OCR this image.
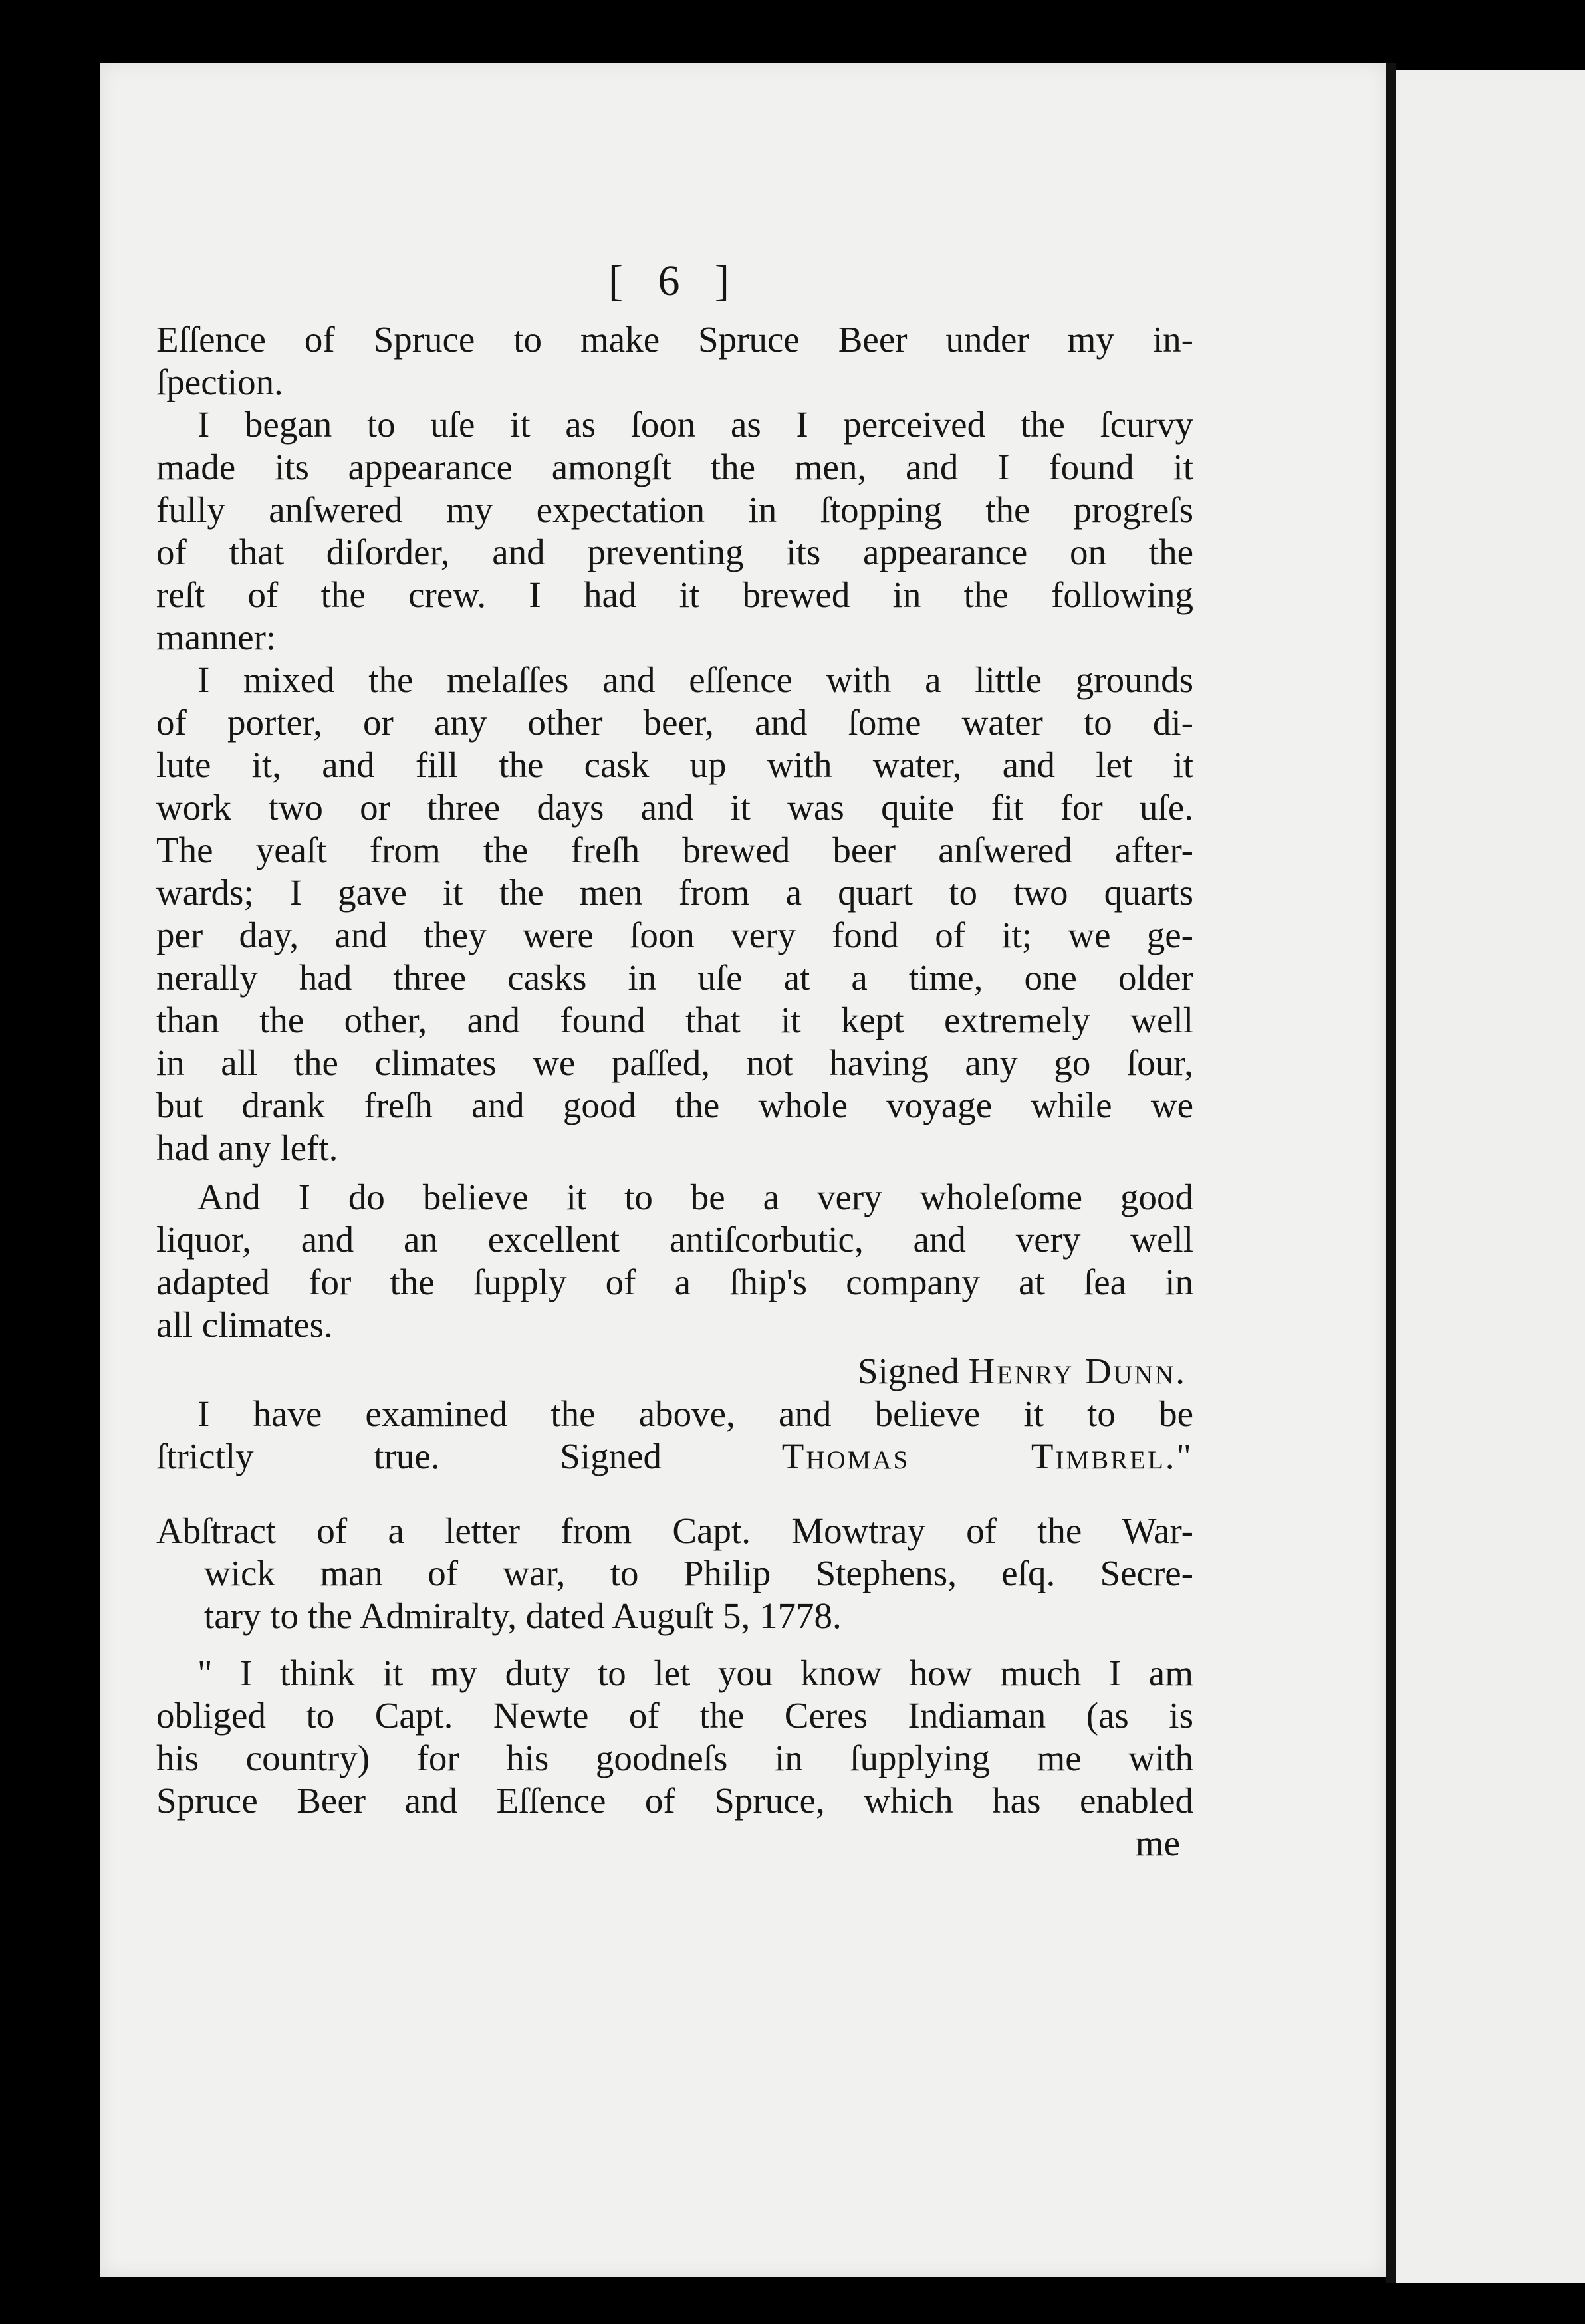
[ 6 ]

Eſſence of Spruce to make Spruce Beer under my in-
ſpection.

I began to uſe it as ſoon as I perceived the ſcurvy
made its appearance amongſt the men, and I found it
fully anſwered my expectation in ſtopping the progreſs
of that diſorder, and preventing its appearance on the
reſt of the crew. I had it brewed in the following
manner:

I mixed the melaſſes and eſſence with a little grounds
of porter, or any other beer, and ſome water to di-
lute it, and fill the cask up with water, and let it
work two or three days and it was quite fit for uſe.
The yeaſt from the freſh brewed beer anſwered after-
wards; I gave it the men from a quart to two quarts
per day, and they were ſoon very fond of it; we ge-
nerally had three casks in uſe at a time, one older
than the other, and found that it kept extremely well
in all the climates we paſſed, not having any go ſour,
but drank freſh and good the whole voyage while we
had any left.

And I do believe it to be a very wholeſome good
liquor, and an excellent antiſcorbutic, and very well
adapted for the ſupply of a ſhip's company at ſea in
all climates.

Signed Henry Dunn.

I have examined the above, and believe it to be
ſtrictly true.	Signed	Thomas Timbrel."

Abſtract of a letter from Capt. Mowtray of the War-
wick man of war, to Philip Stephens, eſq. Secre-
tary to the Admiralty, dated Auguſt 5, 1778.

" I think it my duty to let you know how much I am
obliged to Capt. Newte of the Ceres Indiaman (as is
his country) for his goodneſs in ſupplying me with
Spruce Beer and Eſſence of Spruce, which has enabled
me
